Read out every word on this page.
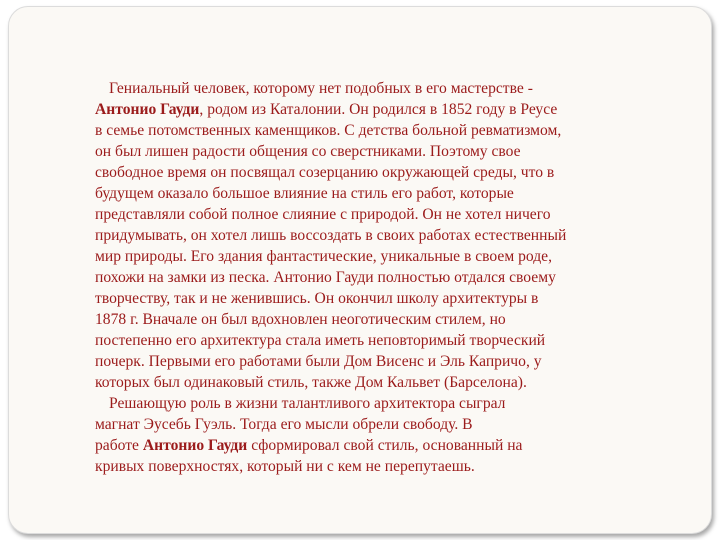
Гениальный человек, которому нет подобных в его мастерстве -
Антонио Гауди, родом из Каталонии. Он родился в 1852 году в Реусе
в семье потомственных каменщиков. С детства больной ревматизмом,
он был лишен радости общения со сверстниками. Поэтому свое
свободное время он посвящал созерцанию окружающей среды, что в
будущем оказало большое влияние на стиль его работ, которые
представляли собой полное слияние с природой. Он не хотел ничего
придумывать, он хотел лишь воссоздать в своих работах естественный
мир природы. Его здания фантастические, уникальные в своем роде,
похожи на замки из песка. Антонио Гауди полностью отдался своему
творчеству, так и не женившись. Он окончил школу архитектуры в
1878 г. Вначале он был вдохновлен неоготическим стилем, но
постепенно его архитектура стала иметь неповторимый творческий
почерк. Первыми его работами были Дом Висенс и Эль Капричо, у
которых был одинаковый стиль, также Дом Кальвет (Барселона).
Решающую роль в жизни талантливого архитектора сыграл
магнат Эусебь Гуэль. Тогда его мысли обрели свободу. В
работе Антонио Гауди сформировал свой стиль, основанный на
кривых поверхностях, который ни с кем не перепутаешь.
